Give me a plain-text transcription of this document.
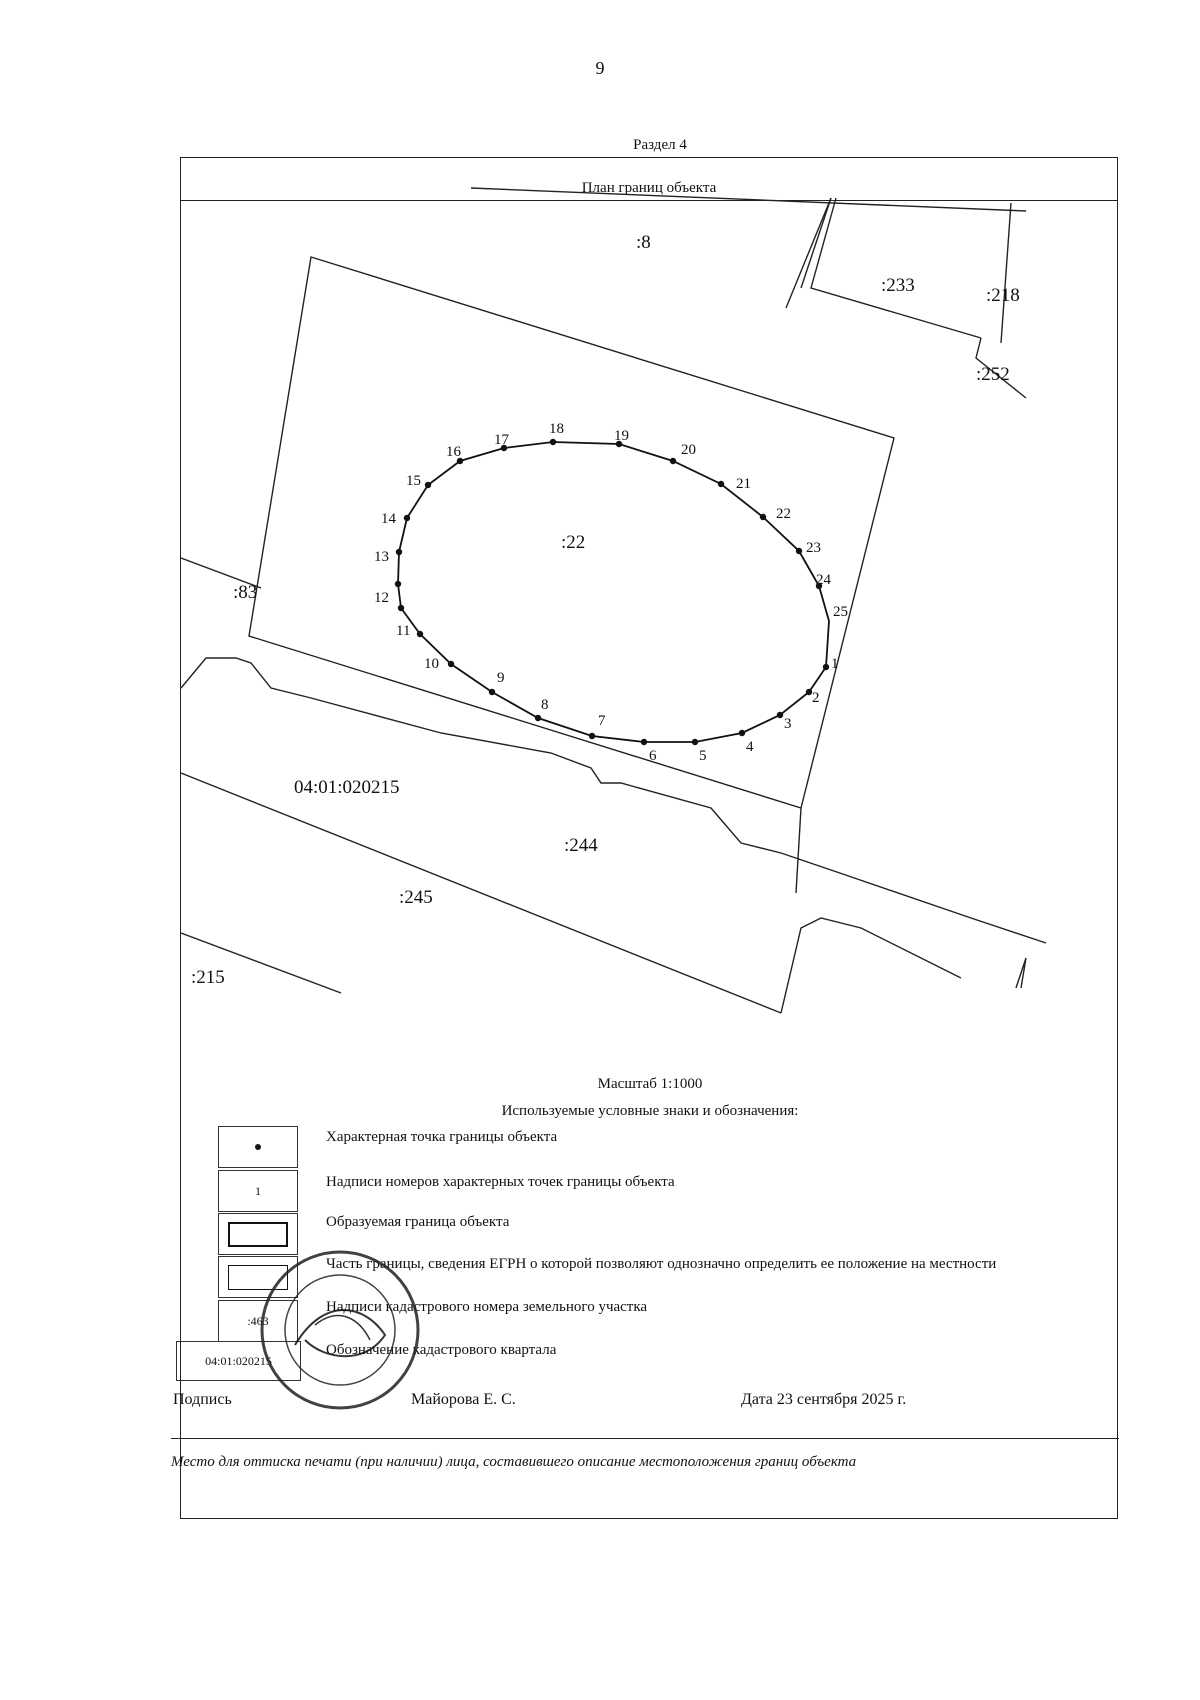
9
Раздел 4
План границ объекта
1
2
3
4
5
6
7
8
9
10
11
12
13
14
15
16
17
18	19
20
21
22
23
24
25
:22
:8
:233	:218
:252
:83
04:01:020215
:244
:245
:215
Масштаб 1:1000
Используемые условные знаки и обозначения:
Характерная точка границы объекта
1
Надписи номеров характерных точек границы объекта
Образуемая граница объекта
Часть границы, сведения ЕГРН о которой позволяют однозначно определить ее положение на местности
:463
Надписи кадастрового номера земельного участка
04:01:020215
Обозначение кадастрового квартала
Подпись	Майорова Е. С.	Дата 23 сентября 2025 г.
Место для оттиска печати (при наличии) лица, составившего описание местоположения границ объекта
